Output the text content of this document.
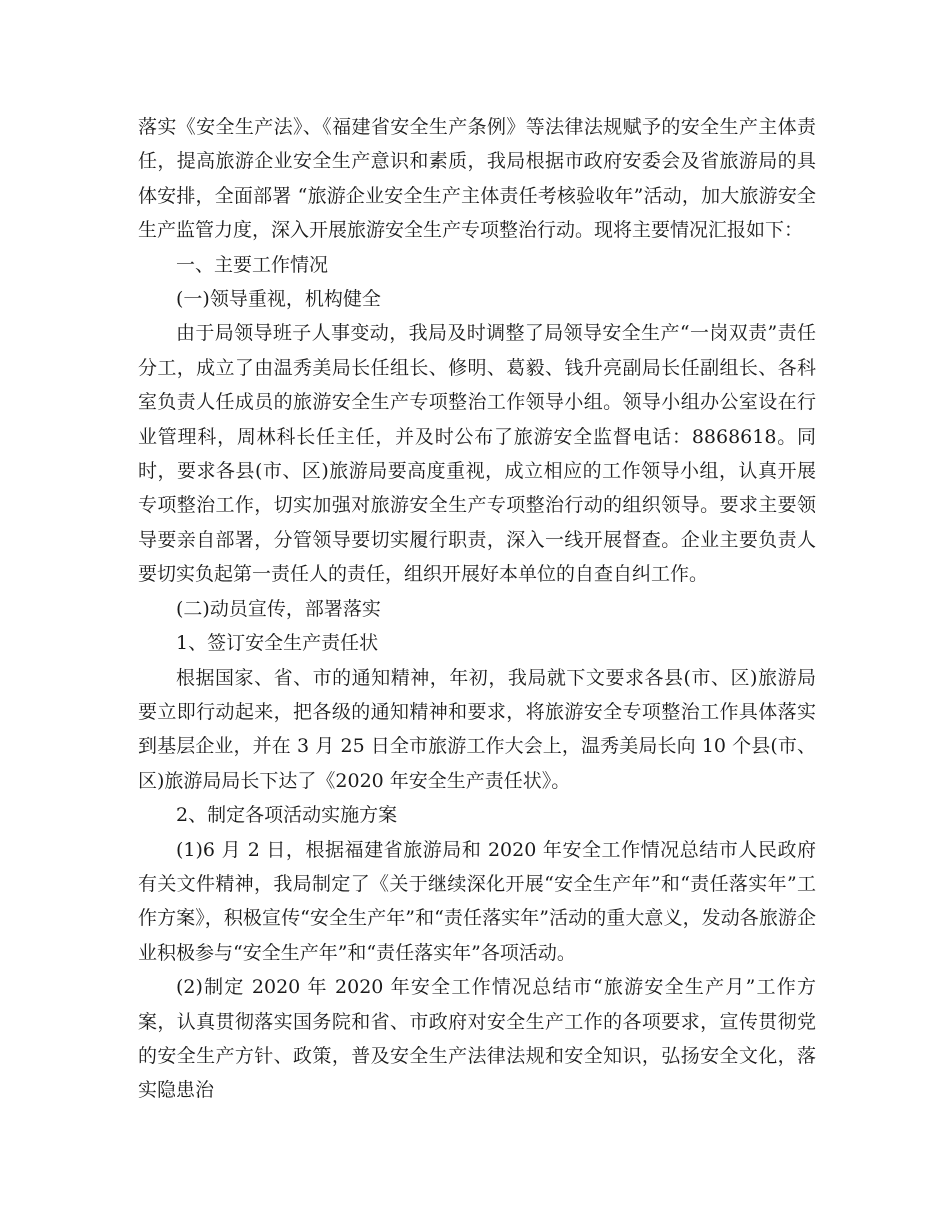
落实《安全生产法》、《福建省安全生产条例》等法律法规赋予的安全生产主体责任，提高旅游企业安全生产意识和素质，我局根据市政府安委会及省旅游局的具体安排，全面部署 “旅游企业安全生产主体责任考核验收年”活动，加大旅游安全生产监管力度，深入开展旅游安全生产专项整治行动。现将主要情况汇报如下：

一、主要工作情况

(一)领导重视，机构健全

由于局领导班子人事变动，我局及时调整了局领导安全生产“一岗双责”责任分工，成立了由温秀美局长任组长、修明、葛毅、钱升亮副局长任副组长、各科室负责人任成员的旅游安全生产专项整治工作领导小组。领导小组办公室设在行业管理科，周林科长任主任，并及时公布了旅游安全监督电话：8868618。同时，要求各县(市、区)旅游局要高度重视，成立相应的工作领导小组，认真开展专项整治工作，切实加强对旅游安全生产专项整治行动的组织领导。要求主要领导要亲自部署，分管领导要切实履行职责，深入一线开展督查。企业主要负责人要切实负起第一责任人的责任，组织开展好本单位的自查自纠工作。

(二)动员宣传，部署落实

1、签订安全生产责任状

根据国家、省、市的通知精神，年初，我局就下文要求各县(市、区)旅游局要立即行动起来，把各级的通知精神和要求，将旅游安全专项整治工作具体落实到基层企业，并在 3 月 25 日全市旅游工作大会上，温秀美局长向 10 个县(市、区)旅游局局长下达了《2020 年安全生产责任状》。

2、制定各项活动实施方案

(1)6 月 2 日，根据福建省旅游局和 2020 年安全工作情况总结市人民政府有关文件精神，我局制定了《关于继续深化开展“安全生产年”和“责任落实年”工作方案》，积极宣传“安全生产年”和“责任落实年”活动的重大意义，发动各旅游企业积极参与“安全生产年”和“责任落实年”各项活动。

(2)制定 2020 年 2020 年安全工作情况总结市“旅游安全生产月”工作方案，认真贯彻落实国务院和省、市政府对安全生产工作的各项要求，宣传贯彻党的安全生产方针、政策，普及安全生产法律法规和安全知识，弘扬安全文化，落实隐患治
